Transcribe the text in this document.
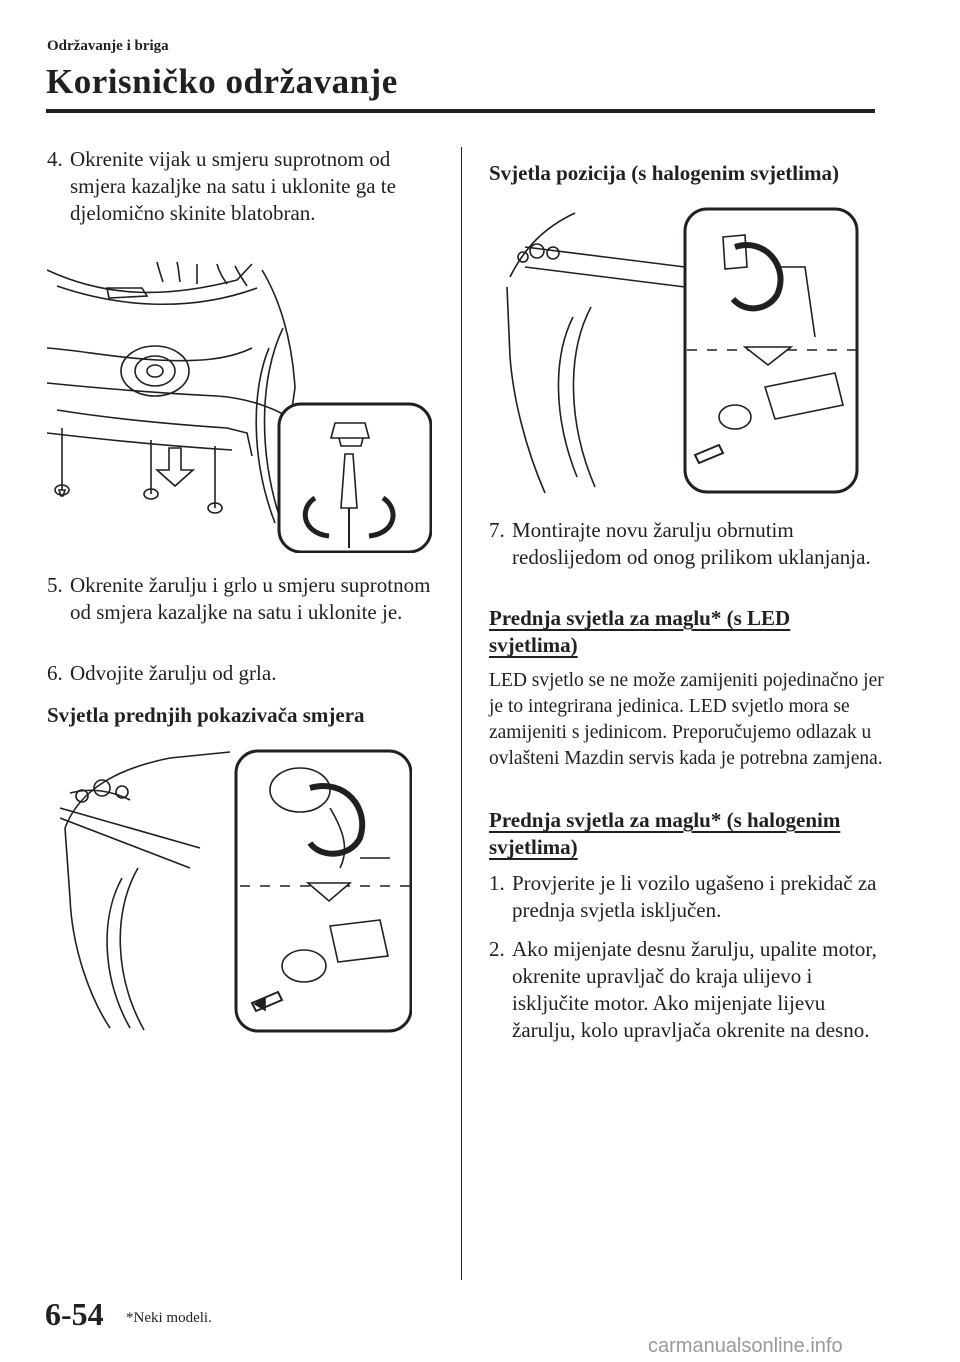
Održavanje i briga
Korisničko održavanje
4. Okrenite vijak u smjeru suprotnom od smjera kazaljke na satu i uklonite ga te djelomično skinite blatobran.
5. Okrenite žarulju i grlo u smjeru suprotnom od smjera kazaljke na satu i uklonite je.
6. Odvojite žarulju od grla.
Svjetla prednjih pokazivača smjera
Svjetla pozicija (s halogenim svjetlima)
7. Montirajte novu žarulju obrnutim redoslijedom od onog prilikom uklanjanja.
Prednja svjetla za maglu* (s LED svjetlima)
LED svjetlo se ne može zamijeniti pojedinačno jer je to integrirana jedinica. LED svjetlo mora se zamijeniti s jedinicom. Preporučujemo odlazak u ovlašteni Mazdin servis kada je potrebna zamjena.
Prednja svjetla za maglu* (s halogenim svjetlima)
1. Provjerite je li vozilo ugašeno i prekidač za prednja svjetla isključen.
2. Ako mijenjate desnu žarulju, upalite motor, okrenite upravljač do kraja ulijevo i isključite motor. Ako mijenjate lijevu žarulju, kolo upravljača okrenite na desno.
6-54 *Neki modeli.
carmanualsonline.info
